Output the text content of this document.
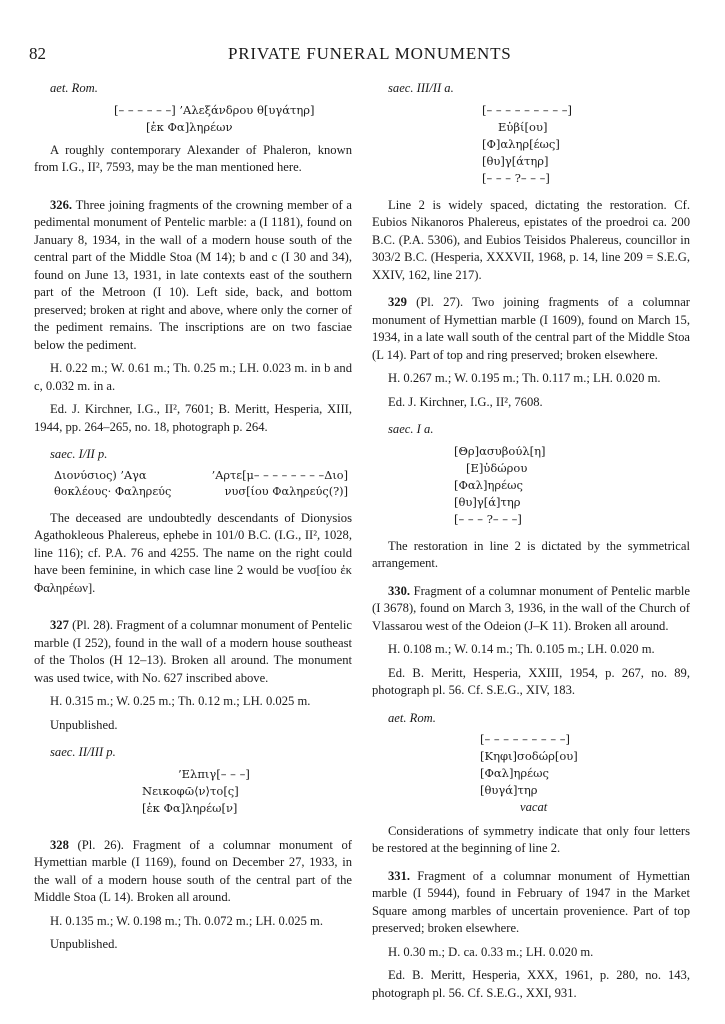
82	PRIVATE FUNERAL MONUMENTS

aet. Rom.

[– – – – – –] ’Αλεξάνδρου θ[υγάτηρ]

[ἐκ Φα]ληρέων

A roughly contemporary Alexander of Phaleron, known from I.G., II², 7593, may be the man mentioned here.

326. Three joining fragments of the crowning member of a pedimental monument of Pentelic marble: a (I 1181), found on January 8, 1934, in the wall of a modern house south of the central part of the Middle Stoa (M 14); b and c (I 30 and 34), found on June 13, 1931, in late contexts east of the southern part of the Metroon (I 10). Left side, back, and bottom preserved; broken at right and above, where only the corner of the pediment remains. The inscriptions are on two fasciae below the pediment.

H. 0.22 m.; W. 0.61 m.; Th. 0.25 m.; LH. 0.023 m. in b and c, 0.032 m. in a.

Ed. J. Kirchner, I.G., II², 7601; B. Meritt, Hesperia, XIII, 1944, pp. 264–265, no. 18, photograph p. 264.

saec. I/II p.

Διονύσιος) ’Αγα	’Αρτε[μ– – – – – – – –Διο]
θοκλέους· Φαληρεύς	νυσ[ίου Φαληρεύς(?)]

The deceased are undoubtedly descendants of Dionysios Agathokleous Phalereus, ephebe in 101/0 B.C. (I.G., II², 1028, line 116); cf. P.A. 76 and 4255. The name on the right could have been feminine, in which case line 2 would be νυσ[ίου ἐκ Φαληρέων].

327 (Pl. 28). Fragment of a columnar monument of Pentelic marble (I 252), found in the wall of a modern house southeast of the Tholos (H 12–13). Broken all around. The monument was used twice, with No. 627 inscribed above.

H. 0.315 m.; W. 0.25 m.; Th. 0.12 m.; LH. 0.025 m.

Unpublished.

saec. II/III p.

’Ελπιγ[– – –]

Νεικοφῶ⟨ν⟩το[ς]

[ἐκ Φα]ληρέω[ν]

328 (Pl. 26). Fragment of a columnar monument of Hymettian marble (I 1169), found on December 27, 1933, in the wall of a modern house south of the central part of the Middle Stoa (L 14). Broken all around.

H. 0.135 m.; W. 0.198 m.; Th. 0.072 m.; LH. 0.025 m.

Unpublished.

saec. III/II a.

[– – – – – – – – –]

Εὐβί[ου]

[Φ]αληρ[έως]

[θυ]γ[άτηρ]

[– – – ?– – –]

Line 2 is widely spaced, dictating the restoration. Cf. Eubios Nikanoros Phalereus, epistates of the proedroi ca. 200 B.C. (P.A. 5306), and Eubios Teisidos Phalereus, councillor in 303/2 B.C. (Hesperia, XXXVII, 1968, p. 14, line 209 = S.E.G, XXIV, 162, line 217).

329 (Pl. 27). Two joining fragments of a columnar monument of Hymettian marble (I 1609), found on March 15, 1934, in a late wall south of the central part of the Middle Stoa (L 14). Part of top and ring preserved; broken elsewhere.

H. 0.267 m.; W. 0.195 m.; Th. 0.117 m.; LH. 0.020 m.

Ed. J. Kirchner, I.G., II², 7608.

saec. I a.

[Θρ]ασυβούλ[η]

[Ε]ὐδώρου

[Φαλ]ηρέως

[θυ]γ[ά]τηρ

[– – – ?– – –]

The restoration in line 2 is dictated by the symmetrical arrangement.

330. Fragment of a columnar monument of Pentelic marble (I 3678), found on March 3, 1936, in the wall of the Church of Vlassarou west of the Odeion (J–K 11). Broken all around.

H. 0.108 m.; W. 0.14 m.; Th. 0.105 m.; LH. 0.020 m.

Ed. B. Meritt, Hesperia, XXIII, 1954, p. 267, no. 89, photograph pl. 56. Cf. S.E.G., XIV, 183.

aet. Rom.

[– – – – – – – – –]

[Κηφι]σοδώρ[ου]

[Φαλ]ηρέως

[θυγά]τηρ

vacat

Considerations of symmetry indicate that only four letters be restored at the beginning of line 2.

331. Fragment of a columnar monument of Hymettian marble (I 5944), found in February of 1947 in the Market Square among marbles of uncertain provenience. Part of top preserved; broken elsewhere.

H. 0.30 m.; D. ca. 0.33 m.; LH. 0.020 m.

Ed. B. Meritt, Hesperia, XXX, 1961, p. 280, no. 143, photograph pl. 56. Cf. S.E.G., XXI, 931.
